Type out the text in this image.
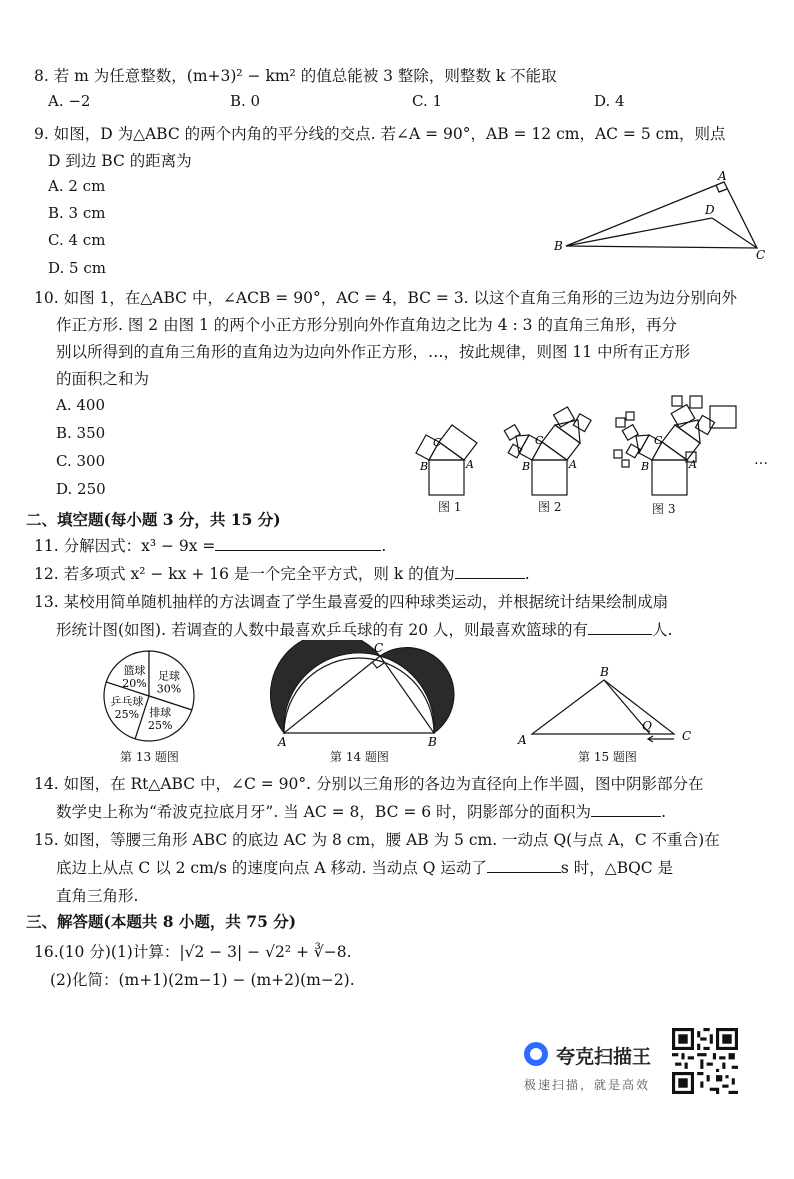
8. 若 m 为任意整数，(m+3)² − km² 的值总能被 3 整除，则整数 k 不能取
A. −2	B. 0	C. 1	D. 4
9. 如图，D 为△ABC 的两个内角的平分线的交点. 若∠A = 90°，AB = 12 cm，AC = 5 cm，则点
D 到边 BC 的距离为
A. 2 cm
B. 3 cm
C. 4 cm
D. 5 cm
A
B
C
D
10. 如图 1，在△ABC 中，∠ACB = 90°，AC = 4，BC = 3. 以这个直角三角形的三边为边分别向外
作正方形. 图 2 由图 1 的两个小正方形分别向外作直角边之比为 4 : 3 的直角三角形，再分
别以所得到的直角三角形的直角边为边向外作正方形，…，按此规律，则图 11 中所有正方形
的面积之和为
A. 400
B. 350
C. 300
D. 250
C
B	A
图 1
C
B	A
图 2
C
B	A
图 3
…
二、填空题(每小题 3 分，共 15 分)
11. 分解因式：x³ − 9x =	.
12. 若多项式 x² − kx + 16 是一个完全平方式，则 k 的值为	.
13. 某校用简单随机抽样的方法调查了学生最喜爱的四种球类运动，并根据统计结果绘制成扇
形统计图(如图). 若调查的人数中最喜欢乒乓球的有 20 人，则最喜欢篮球的有	人.
篮球
20%
足球
30%
排球
25%
乒乓球
25%
第 13 题图
A	B
C
第 14 题图
A
B
C
Q
第 15 题图
14. 如图，在 Rt△ABC 中，∠C = 90°. 分别以三角形的各边为直径向上作半圆，图中阴影部分在
数学史上称为“希波克拉底月牙”. 当 AC = 8，BC = 6 时，阴影部分的面积为	.
15. 如图，等腰三角形 ABC 的底边 AC 为 8 cm，腰 AB 为 5 cm. 一动点 Q(与点 A，C 不重合)在
底边上从点 C 以 2 cm/s 的速度向点 A 移动. 当动点 Q 运动了	s 时，△BQC 是
直角三角形.
三、解答题(本题共 8 小题，共 75 分)
16.(10 分)(1)计算：|√2 − 3| − √2² + ∛−8.
(2)化简：(m+1)(2m−1) − (m+2)(m−2).
夸克扫描王
极速扫描，就是高效
